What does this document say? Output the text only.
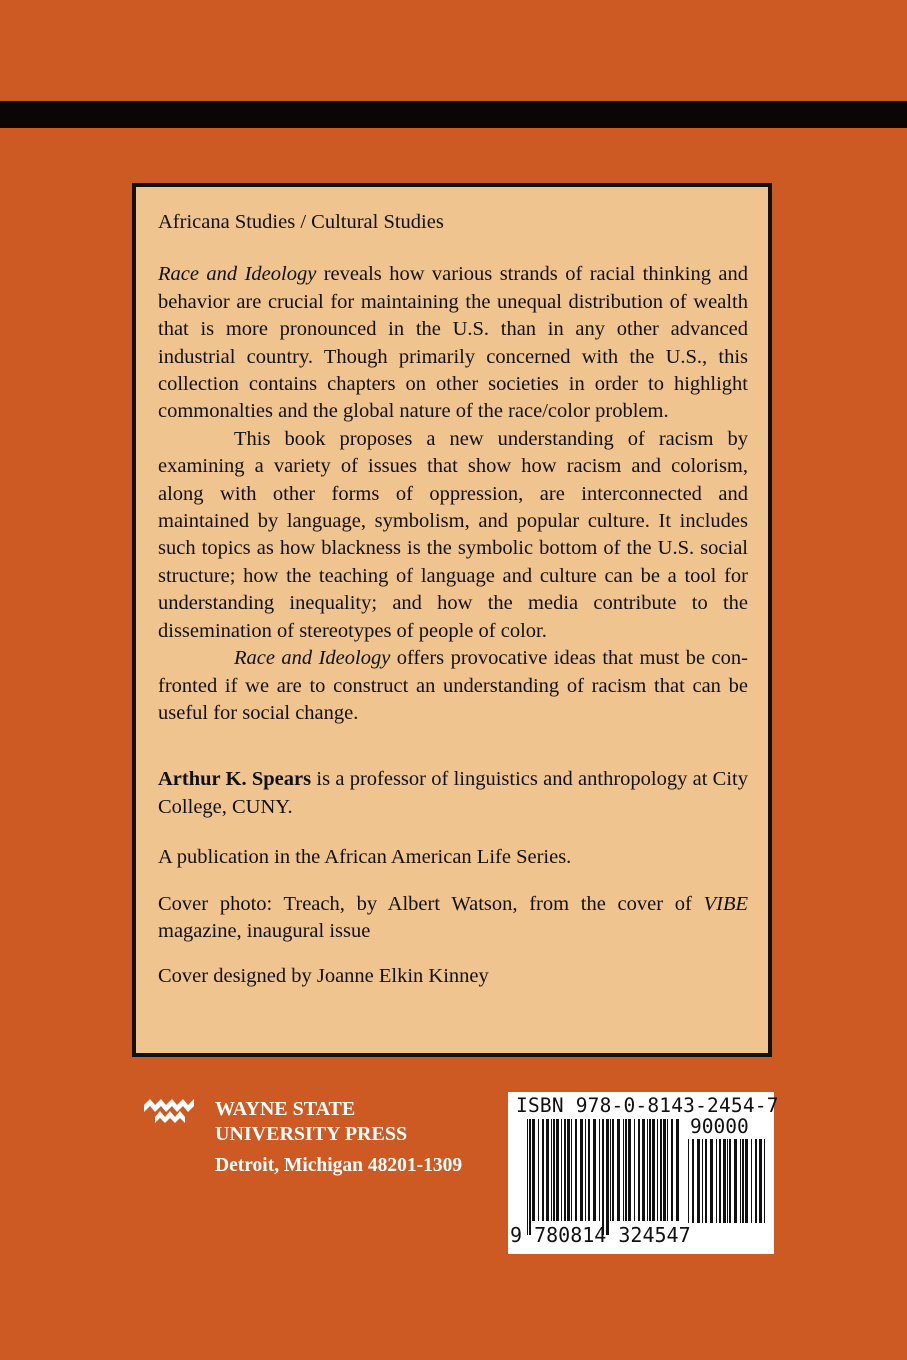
Africana Studies / Cultural Studies

Race and Ideology reveals how various strands of racial thinking and behavior are crucial for maintaining the unequal distribution of wealth that is more pronounced in the U.S. than in any other advanced industrial country. Though primarily concerned with the U.S., this collection contains chapters on other societies in order to highlight commonalties and the global nature of the race/color problem.

This book proposes a new understanding of racism by examining a variety of issues that show how racism and colorism, along with other forms of oppression, are interconnected and maintained by language, symbolism, and popular culture. It includes such topics as how blackness is the symbolic bottom of the U.S. social structure; how the teaching of language and culture can be a tool for understanding inequality; and how the media contribute to the dissemination of stereotypes of people of color.

Race and Ideology offers provocative ideas that must be confronted if we are to construct an understanding of racism that can be useful for social change.

Arthur K. Spears is a professor of linguistics and anthropology at City College, CUNY.

A publication in the African American Life Series.

Cover photo: Treach, by Albert Watson, from the cover of VIBE magazine, inaugural issue

Cover designed by Joanne Elkin Kinney

WAYNE STATE
UNIVERSITY PRESS
Detroit, Michigan 48201-1309
ISBN 978-0-8143-2454-7
90000
9 780814 324547
